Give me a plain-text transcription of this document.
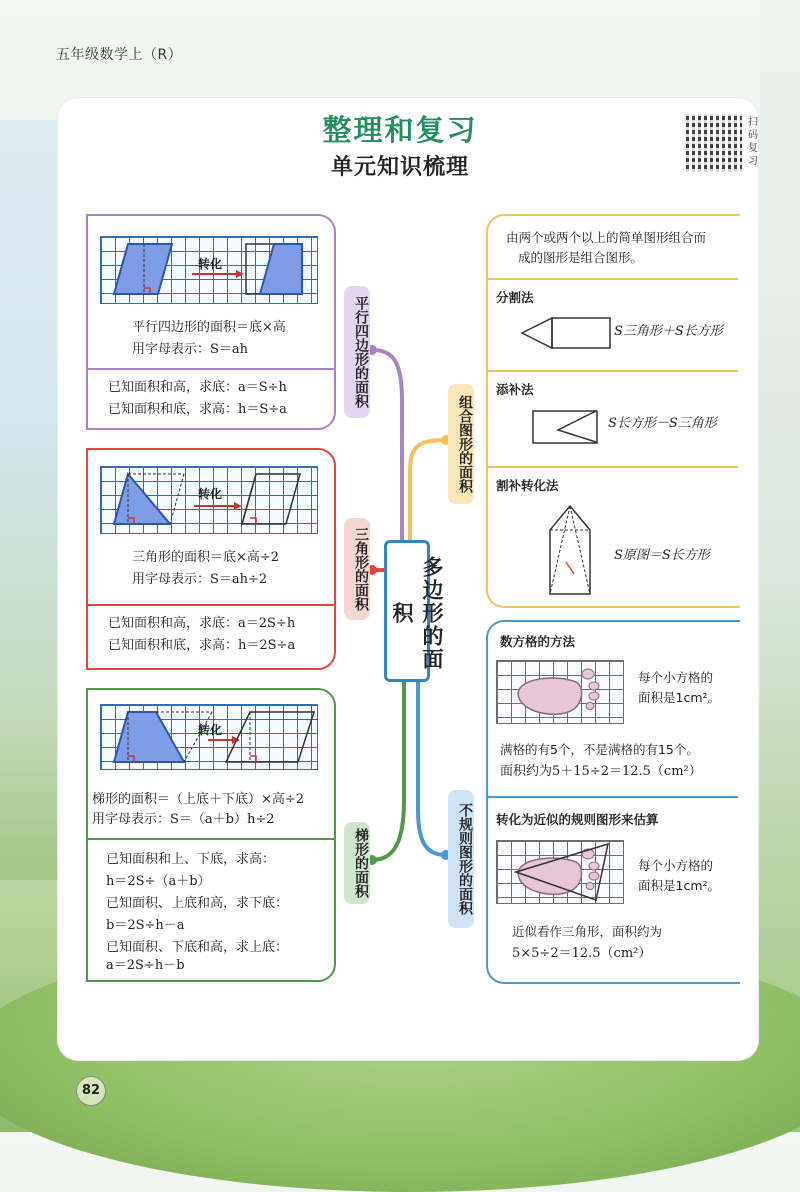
五年级数学上（R）
整理和复习
单元知识梳理
扫码复习
多边形的面积
转化
平行四边形的面积＝底×高
用字母表示：S＝ah
已知面积和高，求底：a＝S÷h
已知面积和底，求高：h＝S÷a
平行四边形的面积
转化
三角形的面积＝底×高÷2
用字母表示：S＝ah÷2
已知面积和高，求底：a＝2S÷h
已知面积和底，求高：h＝2S÷a
三角形的面积
转化
梯形的面积＝（上底＋下底）×高÷2
用字母表示：S＝（a＋b）h÷2
已知面积和上、下底，求高：
h＝2S÷（a＋b）
已知面积、上底和高，求下底：
b＝2S÷h－a
已知面积、下底和高，求上底：
a＝2S÷h－b
梯形的面积
由两个或两个以上的简单图形组合而
成的图形是组合图形。
分割法
S三角形＋S长方形
添补法
S长方形－S三角形
割补转化法
S原图＝S长方形
组合图形的面积
数方格的方法
每个小方格的
面积是1cm²。
满格的有5个，不是满格的有15个。
面积约为5＋15÷2＝12.5（cm²）
转化为近似的规则图形来估算
每个小方格的
面积是1cm²。
近似看作三角形，面积约为
5×5÷2＝12.5（cm²）
不规则图形的面积
82
